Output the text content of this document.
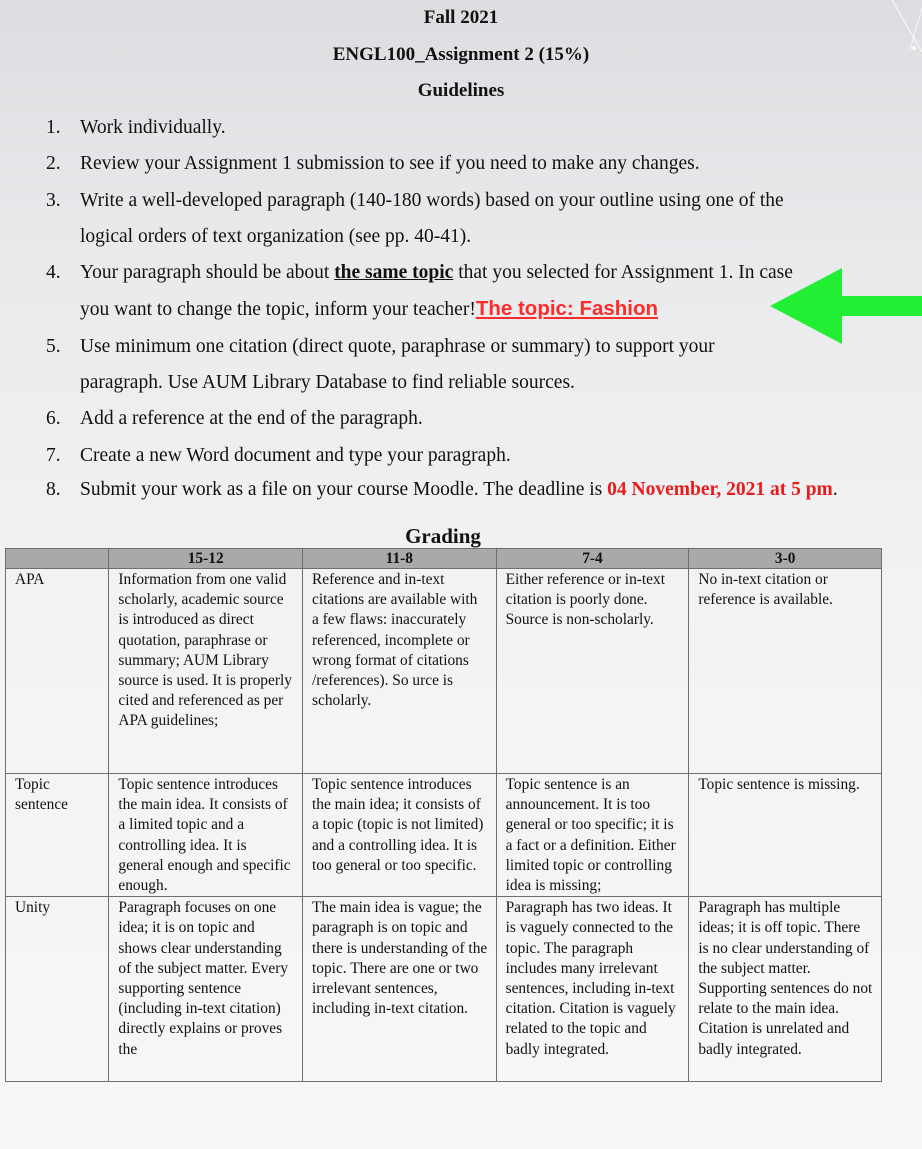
Fall 2021
ENGL100_Assignment 2 (15%)
Guidelines
1. Work individually.
2. Review your Assignment 1 submission to see if you need to make any changes.
3. Write a well-developed paragraph (140-180 words) based on your outline using one of the logical orders of text organization (see pp. 40-41).
4. Your paragraph should be about the same topic that you selected for Assignment 1. In case you want to change the topic, inform your teacher!The topic: Fashion
5. Use minimum one citation (direct quote, paraphrase or summary) to support your paragraph. Use AUM Library Database to find reliable sources.
6. Add a reference at the end of the paragraph.
7. Create a new Word document and type your paragraph.
8. Submit your work as a file on your course Moodle. The deadline is 04 November, 2021 at 5 pm.
Grading
	15-12	11-8	7-4	3-0
APA	Information from one valid scholarly, academic source is introduced as direct quotation, paraphrase or summary; AUM Library source is used. It is properly cited and referenced as per APA guidelines;	Reference and in-text citations are available with a few flaws: inaccurately referenced, incomplete or wrong format of citations /references). So urce is scholarly.	Either reference or in-text citation is poorly done. Source is non-scholarly.	No in-text citation or reference is available.
Topic sentence	Topic sentence introduces the main idea. It consists of a limited topic and a controlling idea. It is general enough and specific enough.	Topic sentence introduces the main idea; it consists of a topic (topic is not limited) and a controlling idea. It is too general or too specific.	Topic sentence is an announcement. It is too general or too specific; it is a fact or a definition. Either limited topic or controlling idea is missing;	Topic sentence is missing.
Unity	Paragraph focuses on one idea; it is on topic and shows clear understanding of the subject matter. Every supporting sentence (including in-text citation) directly explains or proves the	The main idea is vague; the paragraph is on topic and there is understanding of the topic. There are one or two irrelevant sentences, including in-text citation.	Paragraph has two ideas. It is vaguely connected to the topic. The paragraph includes many irrelevant sentences, including in-text citation. Citation is vaguely related to the topic and badly integrated.	Paragraph has multiple ideas; it is off topic. There is no clear understanding of the subject matter. Supporting sentences do not relate to the main idea. Citation is unrelated and badly integrated.
